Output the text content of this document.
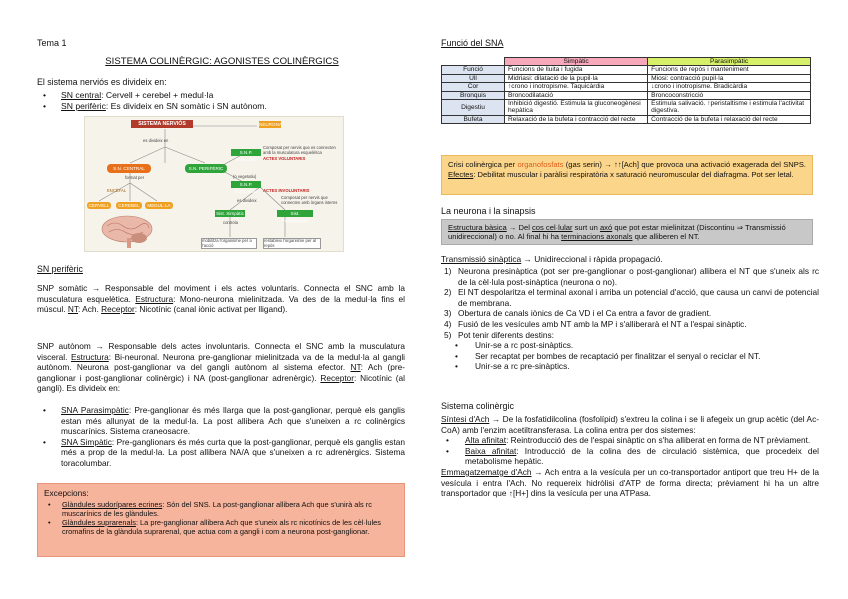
Tema 1
SISTEMA COLINÈRGIC: AGONISTES COLINÈRGICS
El sistema nerviós es divideix en:
• SN central: Cervell + cerebel + medul·la
• SN perifèric: Es divideix en SN somàtic i SN autònom.
SISTEMA NERVIÓS	NEURONA
es divideix en
S.N. CENTRAL	S.N. PERIFÈRIC
format per
CERVELL	CEREBEL	MEDUL·LA
ENCÈFAL
S.N.P. SOMÀTIC	ACTES VOLUNTARIS
Composat per nervis que es connecten amb la musculatura esquelètica
(o vegetatiu)
S.N.P. AUTÒNOM	ACTES INVOLUNTARIS
Composat per nervis que connecten amb òrgans interns
es divideix
Sist. Simpàtic	Sist. Parasimpàtic
controla
mobilitza l'organisme per a l'acció
restableix l'organisme per al repòs
SN perifèric

SNP somàtic → Responsable del moviment i els actes voluntaris. Connecta el SNC amb la musculatura esquelètica. Estructura: Mono-neurona mielinitzada. Va des de la medul·la fins el múscul. NT: Ach. Receptor: Nicotínic (canal iònic activat per lligand).

SNP autònom → Responsable dels actes involuntaris. Connecta el SNC amb la musculatura visceral. Estructura: Bi-neuronal. Neurona pre-ganglionar mielinitzada va de la medul·la al gangli autònom. Neurona post-ganglionar va del gangli autònom al sistema efector. NT: Ach (pre-ganglionar i post-ganglionar colinèrgic) i NA (post-ganglionar adrenèrgic). Receptor: Nicotínic (al gangli). Es divideix en:

• SNA Parasimpàtic: Pre-ganglionar és més llarga que la post-ganglionar, perquè els ganglis estan més allunyat de la medul·la. La post allibera Ach que s'uneixen a rc colinèrgics muscarínics. Sistema craneosacre.
• SNA Simpàtic: Pre-ganglionars és més curta que la post-ganglionar, perquè els ganglis estan més a prop de la medul·la. La post allibera NA/A que s'uneixen a rc adrenèrgics. Sistema toracolumbar.
Excepcions:
• Glàndules sudorípares ecrines: Són del SNS. La post-ganglionar allibera Ach que s'unirà als rc muscarínics de les glàndules.
• Glàndules suprarenals: La pre-ganglionar allibera Ach que s'uneix als rc nicotínics de les cèl·lules cromafins de la glàndula suprarenal, que actua com a gangli i com a neurona post-ganglionar.
Funció del SNA
	Simpàtic	Parasimpàtic
Funció	Funcions de lluita i fugida	Funcions de repòs i manteniment
Ull	Midriasi: dilatació de la pupil·la	Miosi: contracció pupil·la
Cor	↑crono i inotropisme. Taquicàrdia	↓crono i inotropisme. Bradicàrdia
Bronquis	Broncodilatació	Broncoconstricció
Digestiu	Inhibició digestió. Estimula la gluconeogènesi hepàtica	Estimula salivació. ↑peristaltisme i estimula l'activitat digestiva.
Bufeta	Relaxació de la bufeta i contracció del recte	Contracció de la bufeta i relaxació del recte

Crisi colinèrgica per organofosfats (gas serin) → ↑↑[Ach] que provoca una activació exagerada del SNPS. Efectes: Debilitat muscular i paràlisi respiratòria x saturació neuromuscular del diafragma. Pot ser letal.

La neurona i la sinapsis

Estructura bàsica → Del cos cel·lular surt un axó que pot estar mielinitzat (Discontinu ⇒ Transmissió unidireccional) o no. Al final hi ha terminacions axonals que alliberen el NT.

Transmissió sinàptica → Unidireccional i ràpida propagació.
1) Neurona presinàptica (pot ser pre-ganglionar o post-ganglionar) allibera el NT que s'uneix als rc de la cèl·lula post-sinàptica (neurona o no).
2) El NT despolaritza el terminal axonal i arriba un potencial d'acció, que causa un canvi de potencial de membrana.
3) Obertura de canals iònics de Ca VD i el Ca entra a favor de gradient.
4) Fusió de les vesícules amb NT amb la MP i s'alliberarà el NT a l'espai sinàptic.
5) Pot tenir diferents destins:
• Unir-se a rc post-sinàptics.
• Ser recaptat per bombes de recaptació per finalitzar el senyal o reciclar el NT.
• Unir-se a rc pre-sinàptics.
Sistema colinèrgic

Síntesi d'Ach → De la fosfatidilcolina (fosfolípid) s'extreu la colina i se li afegeix un grup acètic (del Ac-CoA) amb l'enzim acetiltransferasa. La colina entra per dos sistemes:

• Alta afinitat: Reintroducció des de l'espai sinàptic on s'ha alliberat en forma de NT prèviament.
• Baixa afinitat: Introducció de la colina des de circulació sistèmica, que procedeix del metabolisme hepàtic.

Emmagatzematge d'Ach → Ach entra a la vesícula per un co-transportador antiport que treu H+ de la vesícula i entra l'Ach. No requereix hidròlisi d'ATP de forma directa; prèviament hi ha un altre transportador que ↑[H+] dins la vesícula per una ATPasa.
